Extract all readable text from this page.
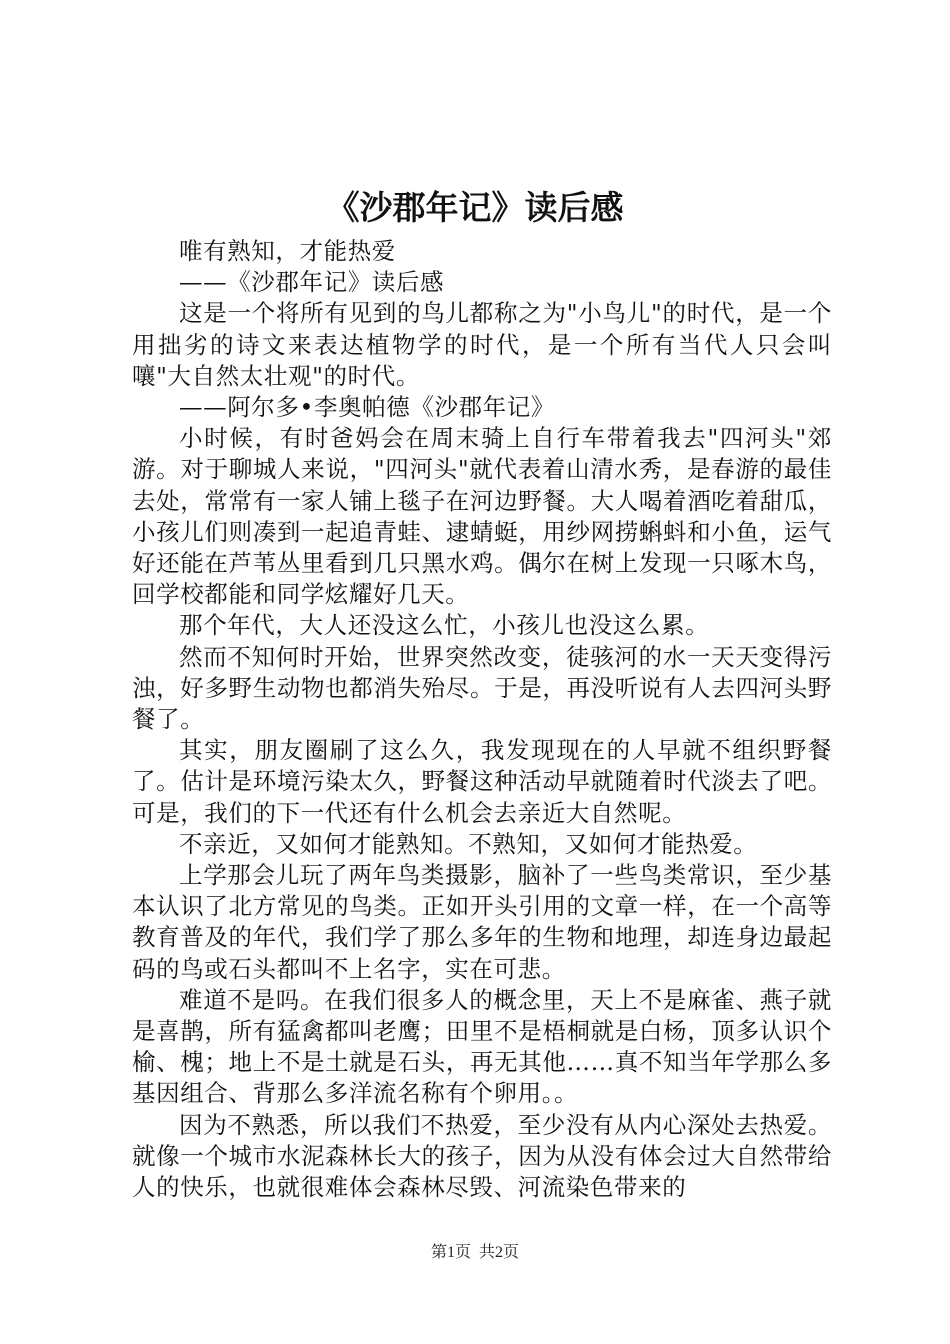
《沙郡年记》读后感

唯有熟知，才能热爱

——《沙郡年记》读后感

这是一个将所有见到的鸟儿都称之为"小鸟儿"的时代，是一个用拙劣的诗文来表达植物学的时代，是一个所有当代人只会叫嚷"大自然太壮观"的时代。

——阿尔多•李奥帕德《沙郡年记》

小时候，有时爸妈会在周末骑上自行车带着我去"四河头"郊游。对于聊城人来说，"四河头"就代表着山清水秀，是春游的最佳去处，常常有一家人铺上毯子在河边野餐。大人喝着酒吃着甜瓜，小孩儿们则凑到一起追青蛙、逮蜻蜓，用纱网捞蝌蚪和小鱼，运气好还能在芦苇丛里看到几只黑水鸡。偶尔在树上发现一只啄木鸟，回学校都能和同学炫耀好几天。

那个年代，大人还没这么忙，小孩儿也没这么累。

然而不知何时开始，世界突然改变，徒骇河的水一天天变得污浊，好多野生动物也都消失殆尽。于是，再没听说有人去四河头野餐了。

其实，朋友圈刷了这么久，我发现现在的人早就不组织野餐了。估计是环境污染太久，野餐这种活动早就随着时代淡去了吧。可是，我们的下一代还有什么机会去亲近大自然呢。

不亲近，又如何才能熟知。不熟知，又如何才能热爱。

上学那会儿玩了两年鸟类摄影，脑补了一些鸟类常识，至少基本认识了北方常见的鸟类。正如开头引用的文章一样，在一个高等教育普及的年代，我们学了那么多年的生物和地理，却连身边最起码的鸟或石头都叫不上名字，实在可悲。

难道不是吗。在我们很多人的概念里，天上不是麻雀、燕子就是喜鹊，所有猛禽都叫老鹰；田里不是梧桐就是白杨，顶多认识个榆、槐；地上不是土就是石头，再无其他……真不知当年学那么多基因组合、背那么多洋流名称有个卵用。。

因为不熟悉，所以我们不热爱，至少没有从内心深处去热爱。就像一个城市水泥森林长大的孩子，因为从没有体会过大自然带给人的快乐，也就很难体会森林尽毁、河流染色带来的

第1页 共2页
